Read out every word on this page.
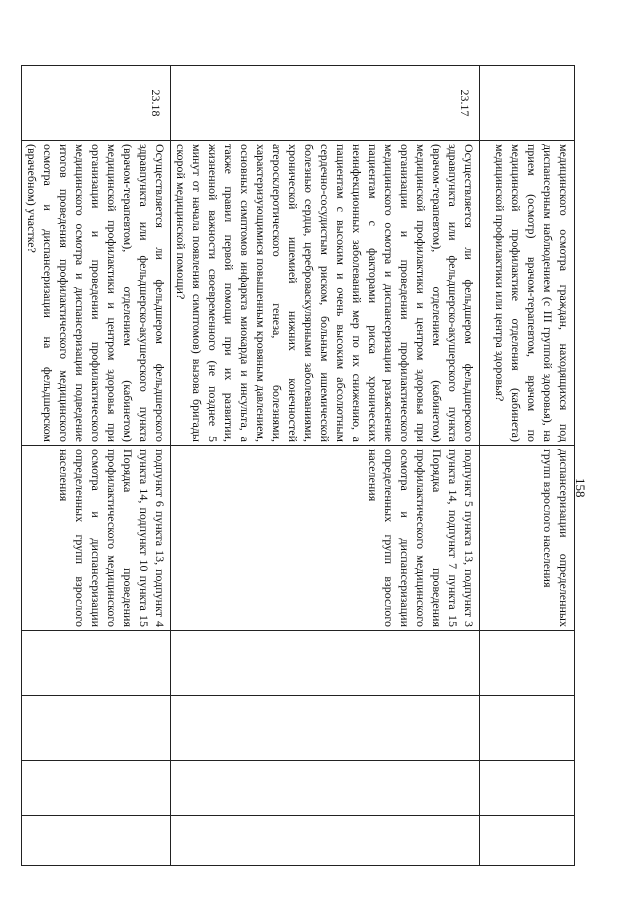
158
	медицинского осмотра граждан, находящихся под диспансерным наблюдением (с III группой здоровья), на прием (осмотр) врачом-терапевтом, врачом по медицинской профилактике отделения (кабинета) медицинской профилактики или центра здоровья?	диспансеризации определенных групп взрослого населения				
23.17	Осуществляется ли фельдшером фельдшерского здравпункта или фельдшерско-акушерского пункта (врачом-терапевтом), отделением (кабинетом) медицинской профилактики и центром здоровья при организации и проведении профилактического медицинского осмотра и диспансеризации разъяснение пациентам с факторами риска хронических неинфекционных заболеваний мер по их снижению, а пациентам с высоким и очень высоким абсолютным сердечно-сосудистым риском, больным ишемической болезнью сердца, цереброваскулярными заболеваниями, хронической ишемией нижних конечностей атеросклеротического генеза, болезнями, характеризующимися повышенным кровяным давлением, основных симптомов инфаркта миокарда и инсульта, а также правил первой помощи при их развитии, жизненной важности своевременного (не позднее 5 минут от начала появления симптомов) вызова бригады скорой медицинской помощи?	подпункт 5 пункта 13, подпункт 3 пункта 14, подпункт 7 пункта 15 Порядка проведения профилактического медицинского осмотра и диспансеризации определенных групп взрослого населения				
23.18	Осуществляется ли фельдшером фельдшерского здравпункта или фельдшерско-акушерского пункта (врачом-терапевтом), отделением (кабинетом) медицинской профилактики и центром здоровья при организации и проведении профилактического медицинского осмотра и диспансеризации подведение итогов проведения профилактического медицинского осмотра и диспансеризации на фельдшерском (врачебном) участке?	подпункт 6 пункта 13, подпункт 4 пункта 14, подпункт 10 пункта 15 Порядка проведения профилактического медицинского осмотра и диспансеризации определенных групп взрослого населения				
